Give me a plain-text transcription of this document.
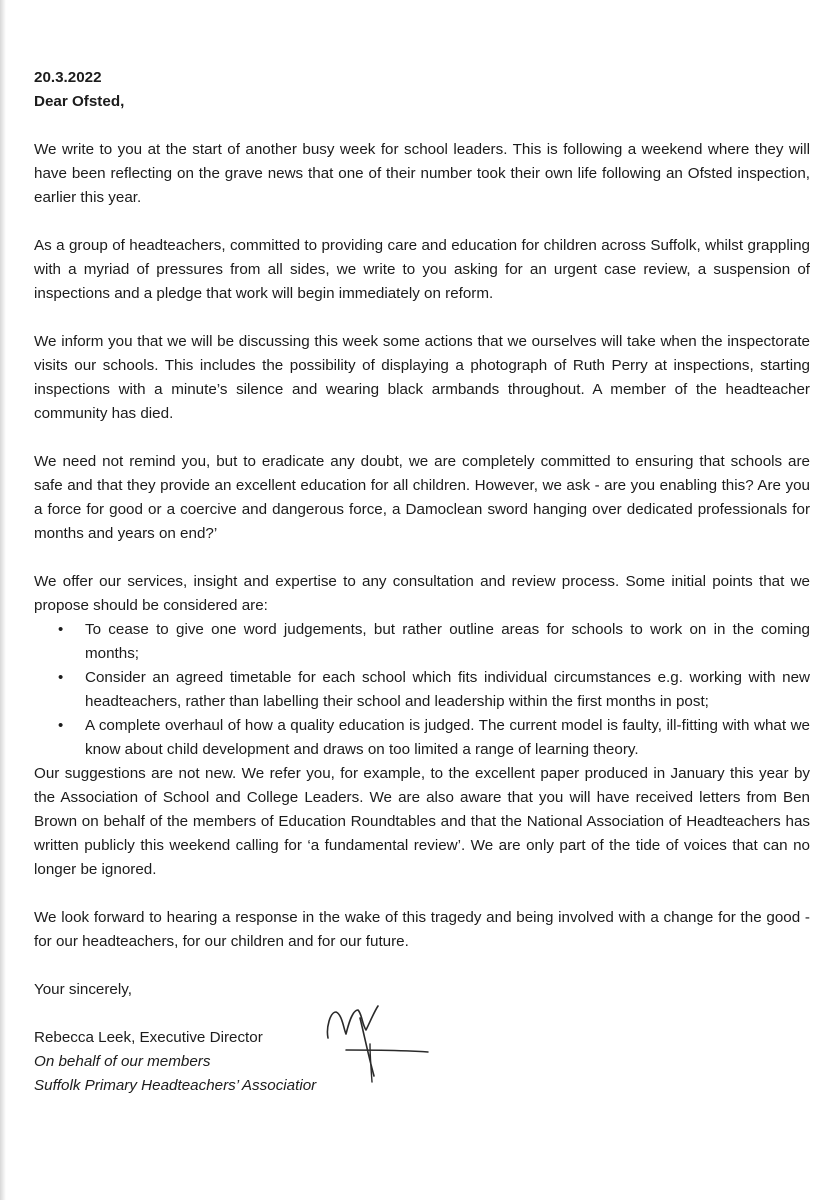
20.3.2022

Dear Ofsted,

We write to you at the start of another busy week for school leaders. This is following a weekend where they will have been reflecting on the grave news that one of their number took their own life following an Ofsted inspection, earlier this year.

As a group of headteachers, committed to providing care and education for children across Suffolk, whilst grappling with a myriad of pressures from all sides, we write to you asking for an urgent case review, a suspension of inspections and a pledge that work will begin immediately on reform.

We inform you that we will be discussing this week some actions that we ourselves will take when the inspectorate visits our schools. This includes the possibility of displaying a photograph of Ruth Perry at inspections, starting inspections with a minute’s silence and wearing black armbands throughout. A member of the headteacher community has died.

We need not remind you, but to eradicate any doubt, we are completely committed to ensuring that schools are safe and that they provide an excellent education for all children. However, we ask - are you enabling this? Are you a force for good or a coercive and dangerous force, a Damoclean sword hanging over dedicated professionals for months and years on end?’

We offer our services, insight and expertise to any consultation and review process. Some initial points that we propose should be considered are:

• To cease to give one word judgements, but rather outline areas for schools to work on in the coming months;
• Consider an agreed timetable for each school which fits individual circumstances e.g. working with new headteachers, rather than labelling their school and leadership within the first months in post;
• A complete overhaul of how a quality education is judged. The current model is faulty, ill-fitting with what we know about child development and draws on too limited a range of learning theory.

Our suggestions are not new. We refer you, for example, to the excellent paper produced in January this year by the Association of School and College Leaders. We are also aware that you will have received letters from Ben Brown on behalf of the members of Education Roundtables and that the National Association of Headteachers has written publicly this weekend calling for ‘a fundamental review’. We are only part of the tide of voices that can no longer be ignored.

We look forward to hearing a response in the wake of this tragedy and being involved with a change for the good - for our headteachers, for our children and for our future.

Your sincerely,

Rebecca Leek, Executive Director

On behalf of our members

Suffolk Primary Headteachers’ Associatior
